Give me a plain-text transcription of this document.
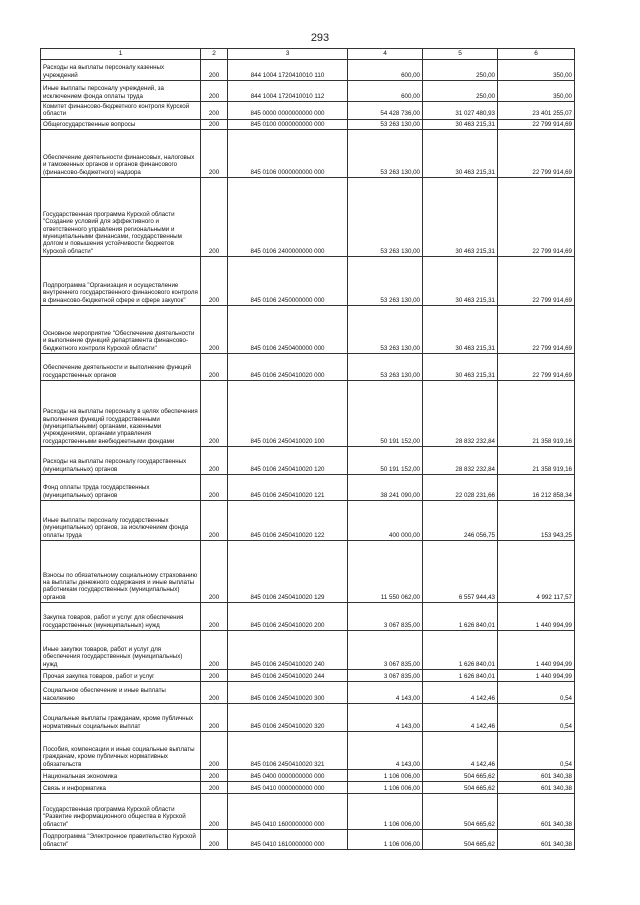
293
1	2	3	4	5	6
Расходы на выплаты персоналу казенных учреждений	200	844 1004 1720410010 110	600,00	250,00	350,00
Иные выплаты персоналу учреждений, за исключением фонда оплаты труда	200	844 1004 1720410010 112	600,00	250,00	350,00
Комитет финансово-бюджетного контроля Курской области	200	845 0000 0000000000 000	54 428 736,00	31 027 480,93	23 401 255,07
Общегосударственные вопросы	200	845 0100 0000000000 000	53 263 130,00	30 463 215,31	22 799 914,69
Обеспечение деятельности финансовых, налоговых и таможенных органов и органов финансового (финансово-бюджетного) надзора	200	845 0106 0000000000 000	53 263 130,00	30 463 215,31	22 799 914,69
Государственная программа Курской области "Создание условий для эффективного и ответственного управления региональными и муниципальными финансами, государственным долгом и повышения устойчивости бюджетов Курской области"	200	845 0106 2400000000 000	53 263 130,00	30 463 215,31	22 799 914,69
Подпрограмма "Организация и осуществление внутреннего государственного финансового контроля в финансово-бюджетной сфере и сфере закупок"	200	845 0106 2450000000 000	53 263 130,00	30 463 215,31	22 799 914,69
Основное мероприятие "Обеспечение деятельности и выполнение функций департамента финансово-бюджетного контроля Курской области"	200	845 0106 2450400000 000	53 263 130,00	30 463 215,31	22 799 914,69
Обеспечение деятельности и выполнение функций государственных органов	200	845 0106 2450410020 000	53 263 130,00	30 463 215,31	22 799 914,69
Расходы на выплаты персоналу в целях обеспечения выполнения функций государственными (муниципальными) органами, казенными учреждениями, органами управления государственными внебюджетными фондами	200	845 0106 2450410020 100	50 191 152,00	28 832 232,84	21 358 919,16
Расходы на выплаты персоналу государственных (муниципальных) органов	200	845 0106 2450410020 120	50 191 152,00	28 832 232,84	21 358 919,16
Фонд оплаты труда государственных (муниципальных) органов	200	845 0106 2450410020 121	38 241 090,00	22 028 231,66	16 212 858,34
Иные выплаты персоналу государственных (муниципальных) органов, за исключением фонда оплаты труда	200	845 0106 2450410020 122	400 000,00	246 056,75	153 943,25
Взносы по обязательному социальному страхованию на выплаты денежного содержания и иные выплаты работникам государственных (муниципальных) органов	200	845 0106 2450410020 129	11 550 062,00	6 557 944,43	4 992 117,57
Закупка товаров, работ и услуг для обеспечения государственных (муниципальных) нужд	200	845 0106 2450410020 200	3 067 835,00	1 626 840,01	1 440 994,99
Иные закупки товаров, работ и услуг для обеспечения государственных (муниципальных) нужд	200	845 0106 2450410020 240	3 067 835,00	1 626 840,01	1 440 994,99
Прочая закупка товаров, работ и услуг	200	845 0106 2450410020 244	3 067 835,00	1 626 840,01	1 440 994,99
Социальное обеспечение и иные выплаты населению	200	845 0106 2450410020 300	4 143,00	4 142,46	0,54
Социальные выплаты гражданам, кроме публичных нормативных социальных выплат	200	845 0106 2450410020 320	4 143,00	4 142,46	0,54
Пособия, компенсации и иные социальные выплаты гражданам, кроме публичных нормативных обязательств	200	845 0106 2450410020 321	4 143,00	4 142,46	0,54
Национальная экономика	200	845 0400 0000000000 000	1 106 006,00	504 665,62	601 340,38
Связь и информатика	200	845 0410 0000000000 000	1 106 006,00	504 665,62	601 340,38
Государственная программа Курской области "Развитие информационного общества в Курской области"	200	845 0410 1600000000 000	1 106 006,00	504 665,62	601 340,38
Подпрограмма "Электронное правительство Курской области"	200	845 0410 1610000000 000	1 106 006,00	504 665,62	601 340,38
